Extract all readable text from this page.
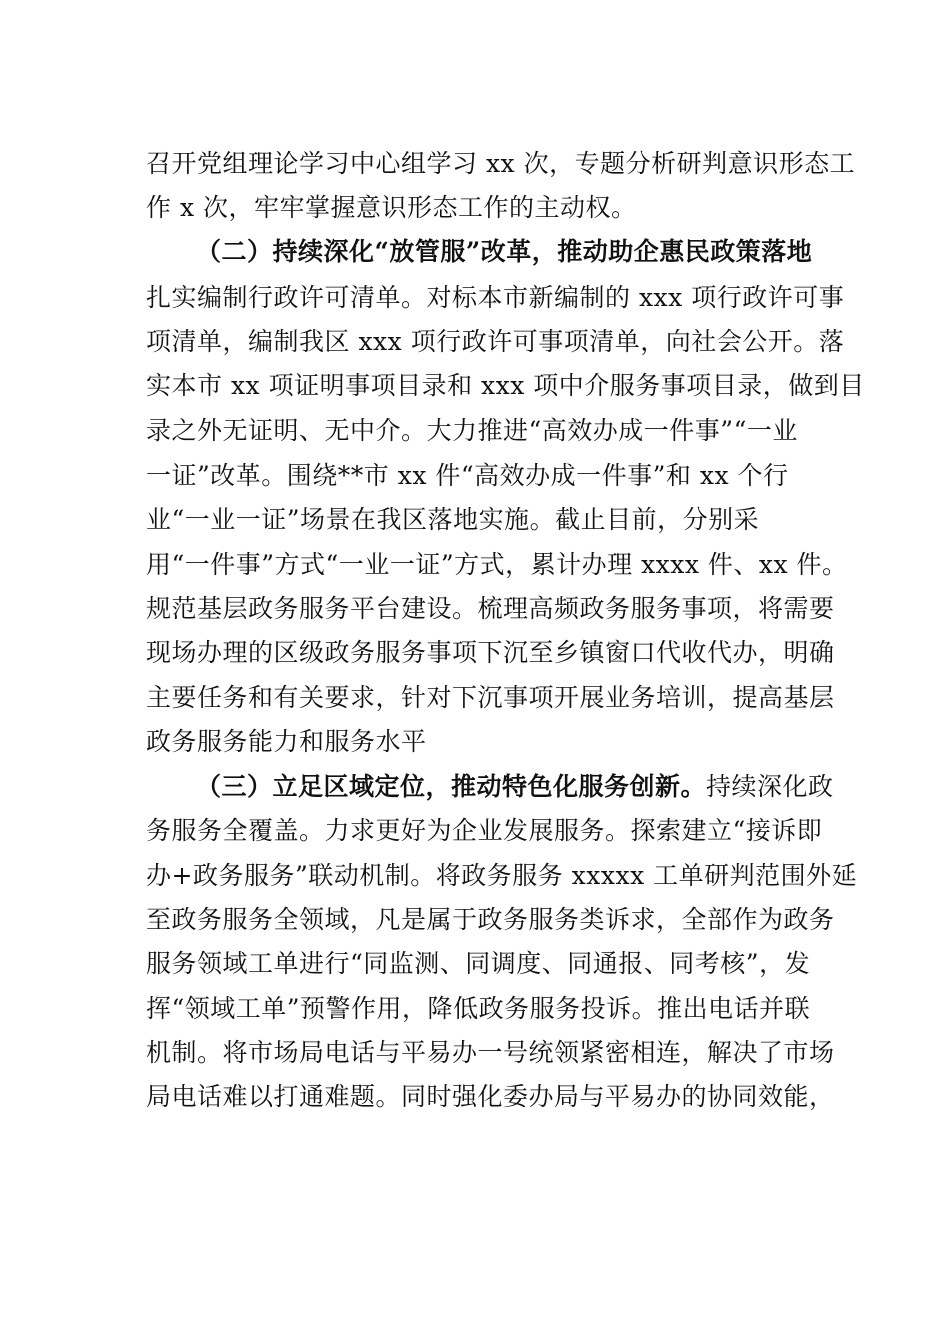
召开党组理论学习中心组学习 xx 次，专题分析研判意识形态工
作 x 次，牢牢掌握意识形态工作的主动权。
（二）持续深化“放管服”改革，推动助企惠民政策落地
扎实编制行政许可清单。对标本市新编制的 xxx 项行政许可事
项清单，编制我区 xxx 项行政许可事项清单，向社会公开。落
实本市 xx 项证明事项目录和 xxx 项中介服务事项目录，做到目
录之外无证明、无中介。大力推进“高效办成一件事”“一业
一证”改革。围绕**市 xx 件“高效办成一件事”和 xx 个行
业“一业一证”场景在我区落地实施。截止目前，分别采
用“一件事”方式“一业一证”方式，累计办理 xxxx 件、xx 件。
规范基层政务服务平台建设。梳理高频政务服务事项，将需要
现场办理的区级政务服务事项下沉至乡镇窗口代收代办，明确
主要任务和有关要求，针对下沉事项开展业务培训，提高基层
政务服务能力和服务水平
（三）立足区域定位，推动特色化服务创新。持续深化政
务服务全覆盖。力求更好为企业发展服务。探索建立“接诉即
办+政务服务”联动机制。将政务服务 xxxxx 工单研判范围外延
至政务服务全领域，凡是属于政务服务类诉求，全部作为政务
服务领域工单进行“同监测、同调度、同通报、同考核”，发
挥“领域工单”预警作用，降低政务服务投诉。推出电话并联
机制。将市场局电话与平易办一号统领紧密相连，解决了市场
局电话难以打通难题。同时强化委办局与平易办的协同效能，
